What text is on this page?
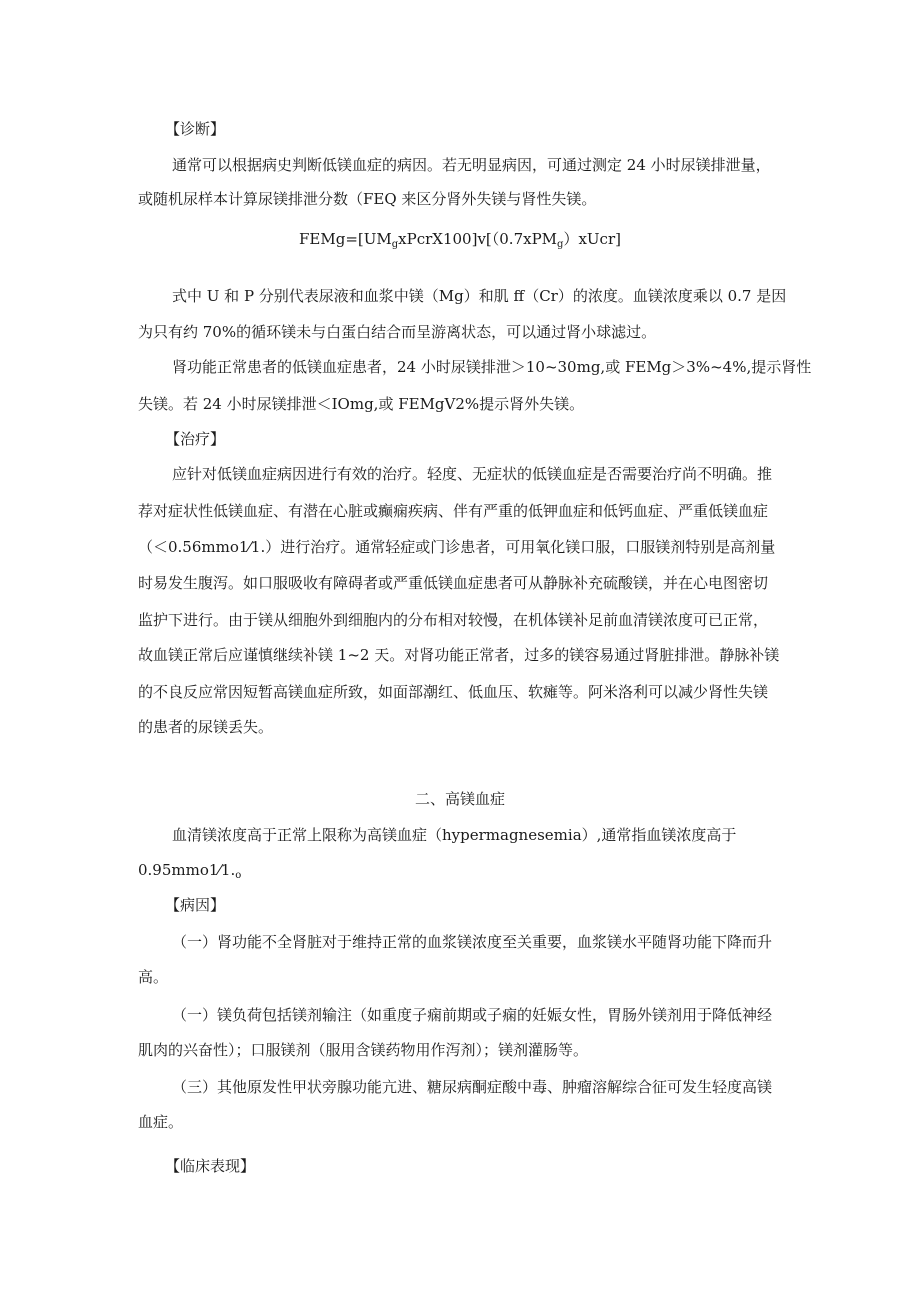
【诊断】

通常可以根据病史判断低镁血症的病因。若无明显病因，可通过测定 24 小时尿镁排泄量，

或随机尿样本计算尿镁排泄分数（FEQ 来区分肾外失镁与肾性失镁。

$FEMg=[UM_gxPcrX100]v[(0.7xPM_g)xUcr]$

式中 U 和 P 分别代表尿液和血浆中镁（Mg）和肌 ff（Cr）的浓度。血镁浓度乘以 0.7 是因

为只有约 70%的循环镁未与白蛋白结合而呈游离状态，可以通过肾小球滤过。

肾功能正常患者的低镁血症患者，24 小时尿镁排泄＞10~30mg,或 FEMg＞3%~4%,提示肾性

失镁。若 24 小时尿镁排泄＜IOmg,或 FEMgV2%提示肾外失镁。

【治疗】

应针对低镁血症病因进行有效的治疗。轻度、无症状的低镁血症是否需要治疗尚不明确。推

荐对症状性低镁血症、有潜在心脏或癫痫疾病、伴有严重的低钾血症和低钙血症、严重低镁血症

（＜0.56mmo1⁄1.）进行治疗。通常轻症或门诊患者，可用氧化镁口服，口服镁剂特别是高剂量

时易发生腹泻。如口服吸收有障碍者或严重低镁血症患者可从静脉补充硫酸镁，并在心电图密切

监护下进行。由于镁从细胞外到细胞内的分布相对较慢，在机体镁补足前血清镁浓度可已正常，

故血镁正常后应谨慎继续补镁 1~2 天。对肾功能正常者，过多的镁容易通过肾脏排泄。静脉补镁

的不良反应常因短暂高镁血症所致，如面部潮红、低血压、软瘫等。阿米洛利可以减少肾性失镁

的患者的尿镁丢失。

二、高镁血症

血清镁浓度高于正常上限称为高镁血症（hypermagnesemia）,通常指血镁浓度高于

$0.95mmo1⁄1._o$

【病因】

（一）肾功能不全肾脏对于维持正常的血浆镁浓度至关重要，血浆镁水平随肾功能下降而升

高。

（一）镁负荷包括镁剂输注（如重度子痫前期或子痫的妊娠女性，胃肠外镁剂用于降低神经

肌肉的兴奋性）；口服镁剂（服用含镁药物用作泻剂）；镁剂灌肠等。

（三）其他原发性甲状旁腺功能亢进、糖尿病酮症酸中毒、肿瘤溶解综合征可发生轻度高镁

血症。

【临床表现】
